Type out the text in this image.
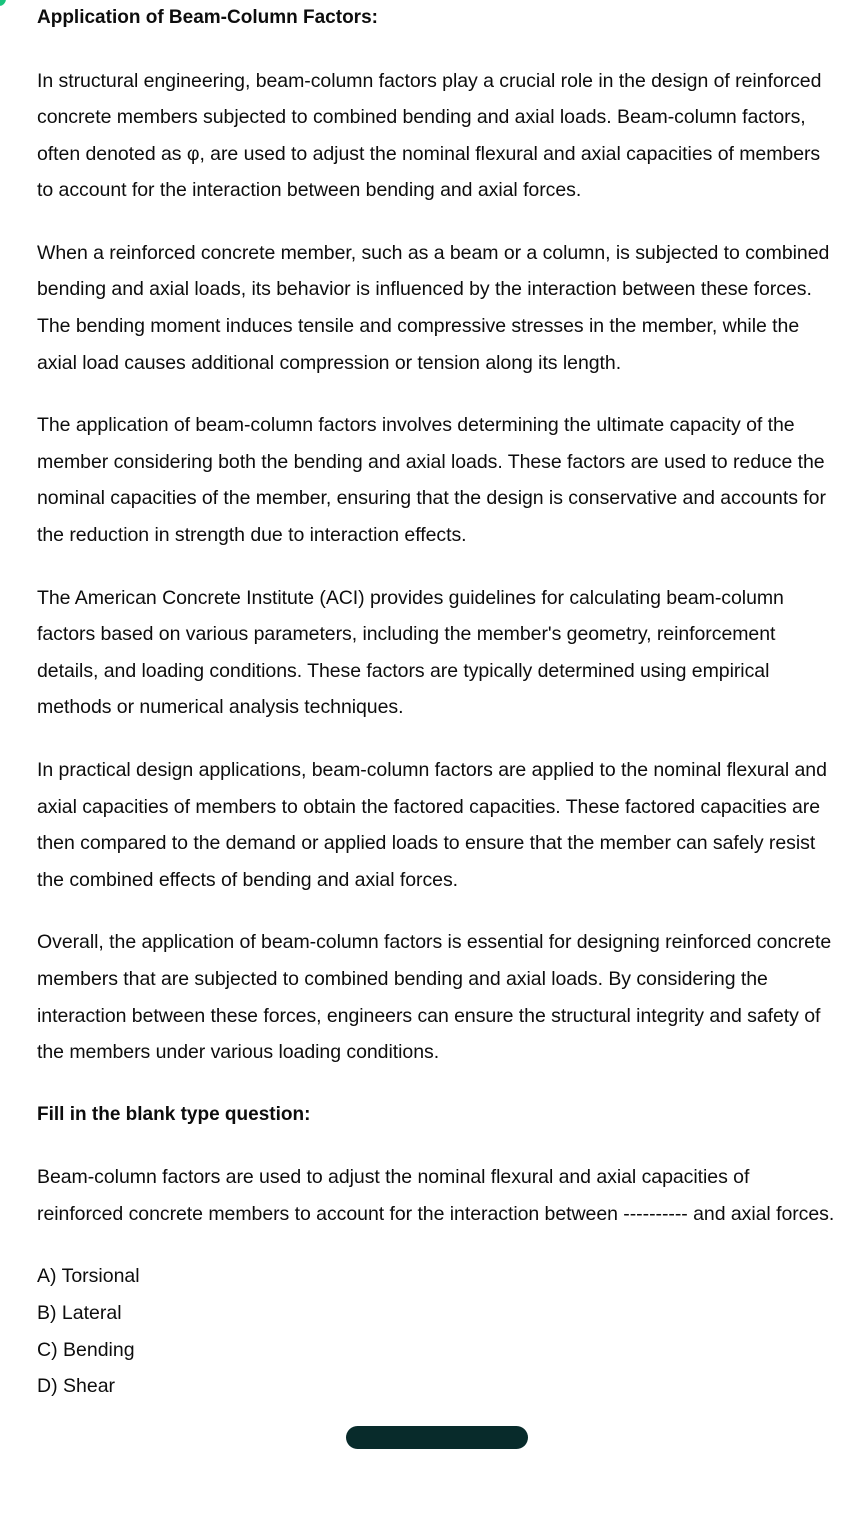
Application of Beam-Column Factors:

In structural engineering, beam-column factors play a crucial role in the design of reinforced concrete members subjected to combined bending and axial loads. Beam-column factors, often denoted as φ, are used to adjust the nominal flexural and axial capacities of members to account for the interaction between bending and axial forces.

When a reinforced concrete member, such as a beam or a column, is subjected to combined bending and axial loads, its behavior is influenced by the interaction between these forces. The bending moment induces tensile and compressive stresses in the member, while the axial load causes additional compression or tension along its length.

The application of beam-column factors involves determining the ultimate capacity of the member considering both the bending and axial loads. These factors are used to reduce the nominal capacities of the member, ensuring that the design is conservative and accounts for the reduction in strength due to interaction effects.

The American Concrete Institute (ACI) provides guidelines for calculating beam-column factors based on various parameters, including the member's geometry, reinforcement details, and loading conditions. These factors are typically determined using empirical methods or numerical analysis techniques.

In practical design applications, beam-column factors are applied to the nominal flexural and axial capacities of members to obtain the factored capacities. These factored capacities are then compared to the demand or applied loads to ensure that the member can safely resist the combined effects of bending and axial forces.

Overall, the application of beam-column factors is essential for designing reinforced concrete members that are subjected to combined bending and axial loads. By considering the interaction between these forces, engineers can ensure the structural integrity and safety of the members under various loading conditions.

Fill in the blank type question:

Beam-column factors are used to adjust the nominal flexural and axial capacities of reinforced concrete members to account for the interaction between ---------- and axial forces.

A) Torsional
B) Lateral
C) Bending
D) Shear
